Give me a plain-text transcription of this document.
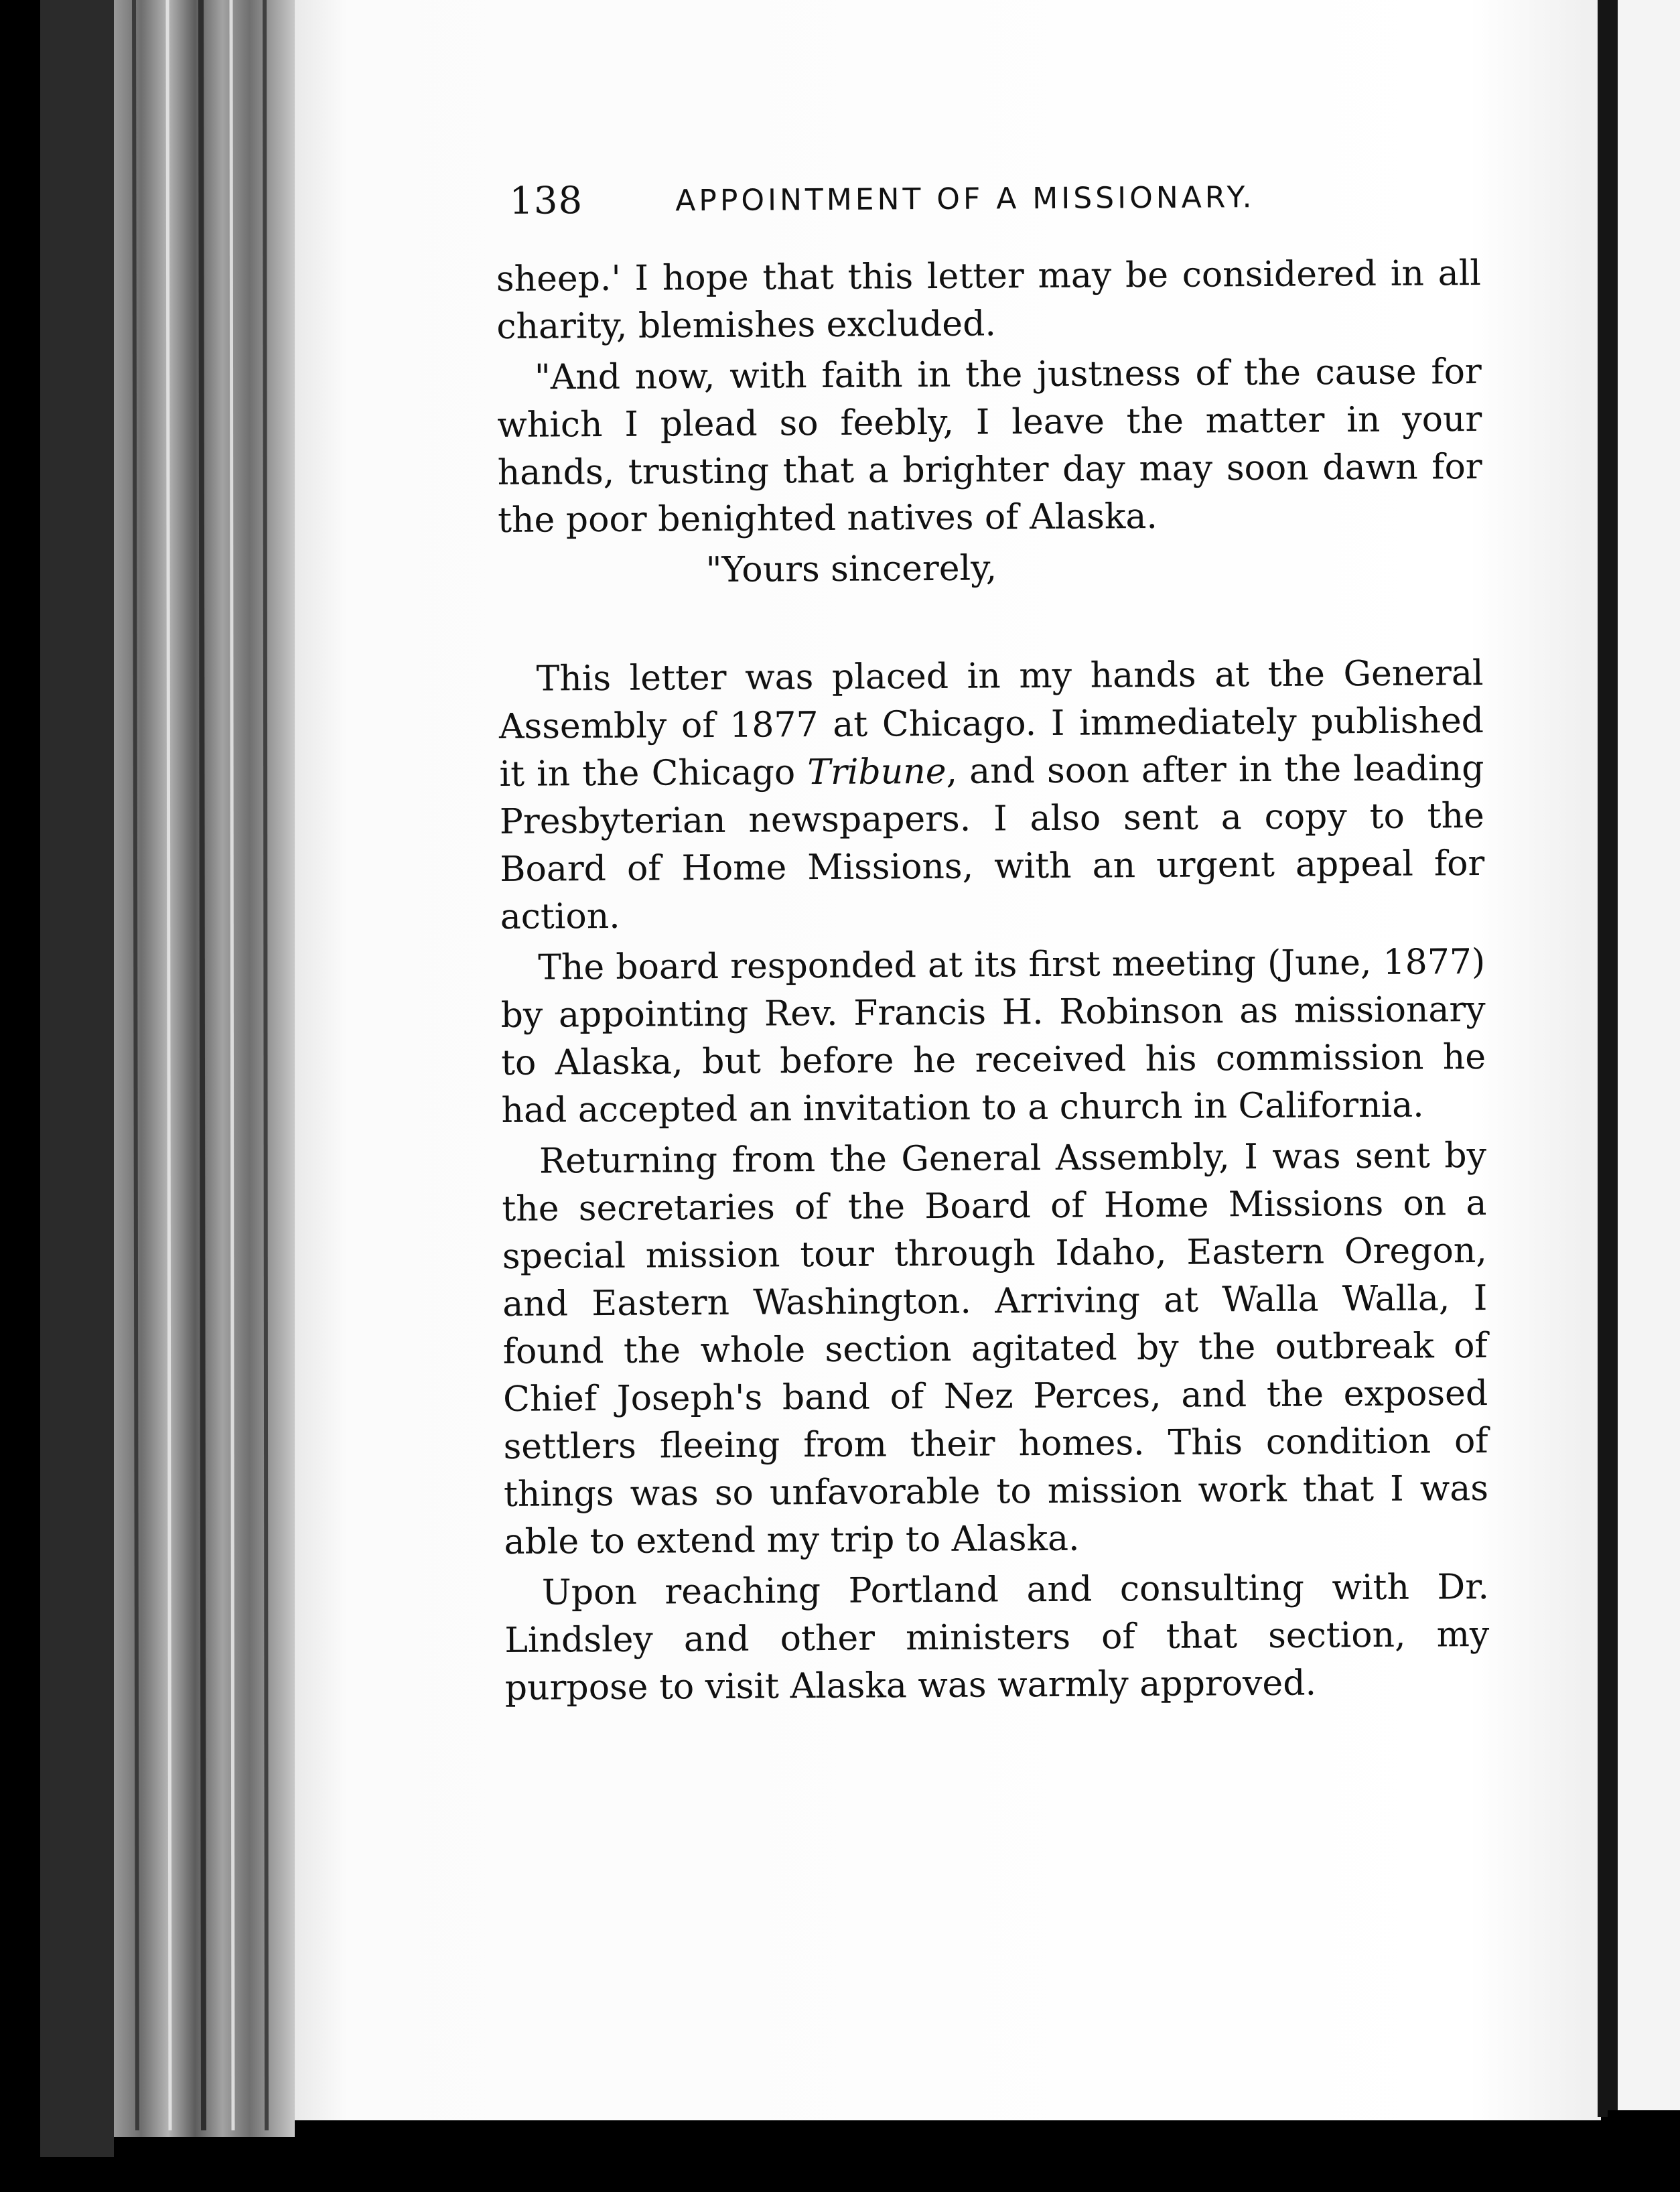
138	APPOINTMENT OF A MISSIONARY.

sheep.' I hope that this letter may be considered in all charity, blemishes excluded.

"And now, with faith in the justness of the cause for which I plead so feebly, I leave the matter in your hands, trusting that a brighter day may soon dawn for the poor benighted natives of Alaska.

"Yours sincerely,

This letter was placed in my hands at the General Assembly of 1877 at Chicago. I immediately published it in the Chicago Tribune, and soon after in the leading Presbyterian newspapers. I also sent a copy to the Board of Home Missions, with an urgent appeal for action.

The board responded at its first meeting (June, 1877) by appointing Rev. Francis H. Robinson as missionary to Alaska, but before he received his commission he had accepted an invitation to a church in California.

Returning from the General Assembly, I was sent by the secretaries of the Board of Home Missions on a special mission tour through Idaho, Eastern Oregon, and Eastern Washington. Arriving at Walla Walla, I found the whole section agitated by the outbreak of Chief Joseph's band of Nez Perces, and the exposed settlers fleeing from their homes. This condition of things was so unfavorable to mission work that I was able to extend my trip to Alaska.

Upon reaching Portland and consulting with Dr. Lindsley and other ministers of that section, my purpose to visit Alaska was warmly approved.
